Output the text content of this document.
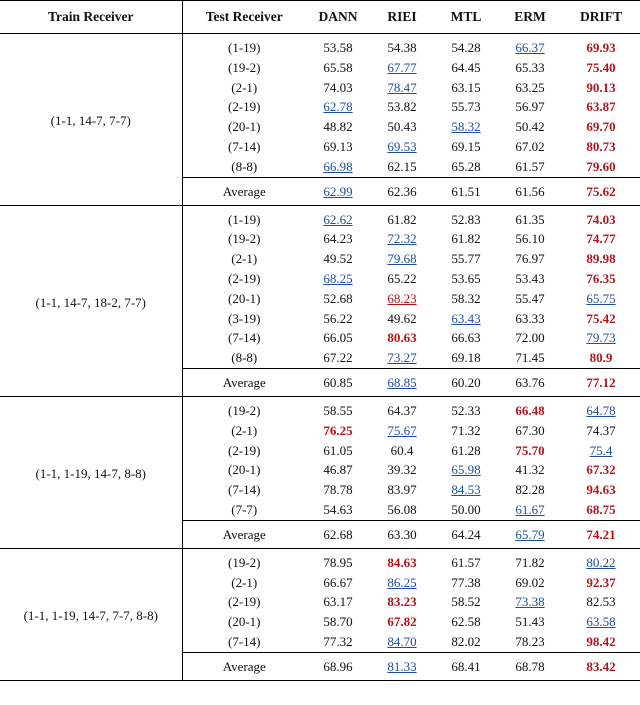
Train Receiver	Test Receiver	DANN	RIEI	MTL	ERM	DRIFT
(1-1, 14-7, 7-7)	(1-19)	53.58	54.38	54.28	66.37	69.93
	(19-2)	65.58	67.77	64.45	65.33	75.40
	(2-1)	74.03	78.47	63.15	63.25	90.13
	(2-19)	62.78	53.82	55.73	56.97	63.87
	(20-1)	48.82	50.43	58.32	50.42	69.70
	(7-14)	69.13	69.53	69.15	67.02	80.73
	(8-8)	66.98	62.15	65.28	61.57	79.60
	Average	62.99	62.36	61.51	61.56	75.62
(1-1, 14-7, 18-2, 7-7)	(1-19)	62.62	61.82	52.83	61.35	74.03
	(19-2)	64.23	72.32	61.82	56.10	74.77
	(2-1)	49.52	79.68	55.77	76.97	89.98
	(2-19)	68.25	65.22	53.65	53.43	76.35
	(20-1)	52.68	68.23	58.32	55.47	65.75
	(3-19)	56.22	49.62	63.43	63.33	75.42
	(7-14)	66.05	80.63	66.63	72.00	79.73
	(8-8)	67.22	73.27	69.18	71.45	80.9
	Average	60.85	68.85	60.20	63.76	77.12
(1-1, 1-19, 14-7, 8-8)	(19-2)	58.55	64.37	52.33	66.48	64.78
	(2-1)	76.25	75.67	71.32	67.30	74.37
	(2-19)	61.05	60.4	61.28	75.70	75.4
	(20-1)	46.87	39.32	65.98	41.32	67.32
	(7-14)	78.78	83.97	84.53	82.28	94.63
	(7-7)	54.63	56.08	50.00	61.67	68.75
	Average	62.68	63.30	64.24	65.79	74.21
(1-1, 1-19, 14-7, 7-7, 8-8)	(19-2)	78.95	84.63	61.57	71.82	80.22
	(2-1)	66.67	86.25	77.38	69.02	92.37
	(2-19)	63.17	83.23	58.52	73.38	82.53
	(20-1)	58.70	67.82	62.58	51.43	63.58
	(7-14)	77.32	84.70	82.02	78.23	98.42
	Average	68.96	81.33	68.41	68.78	83.42
